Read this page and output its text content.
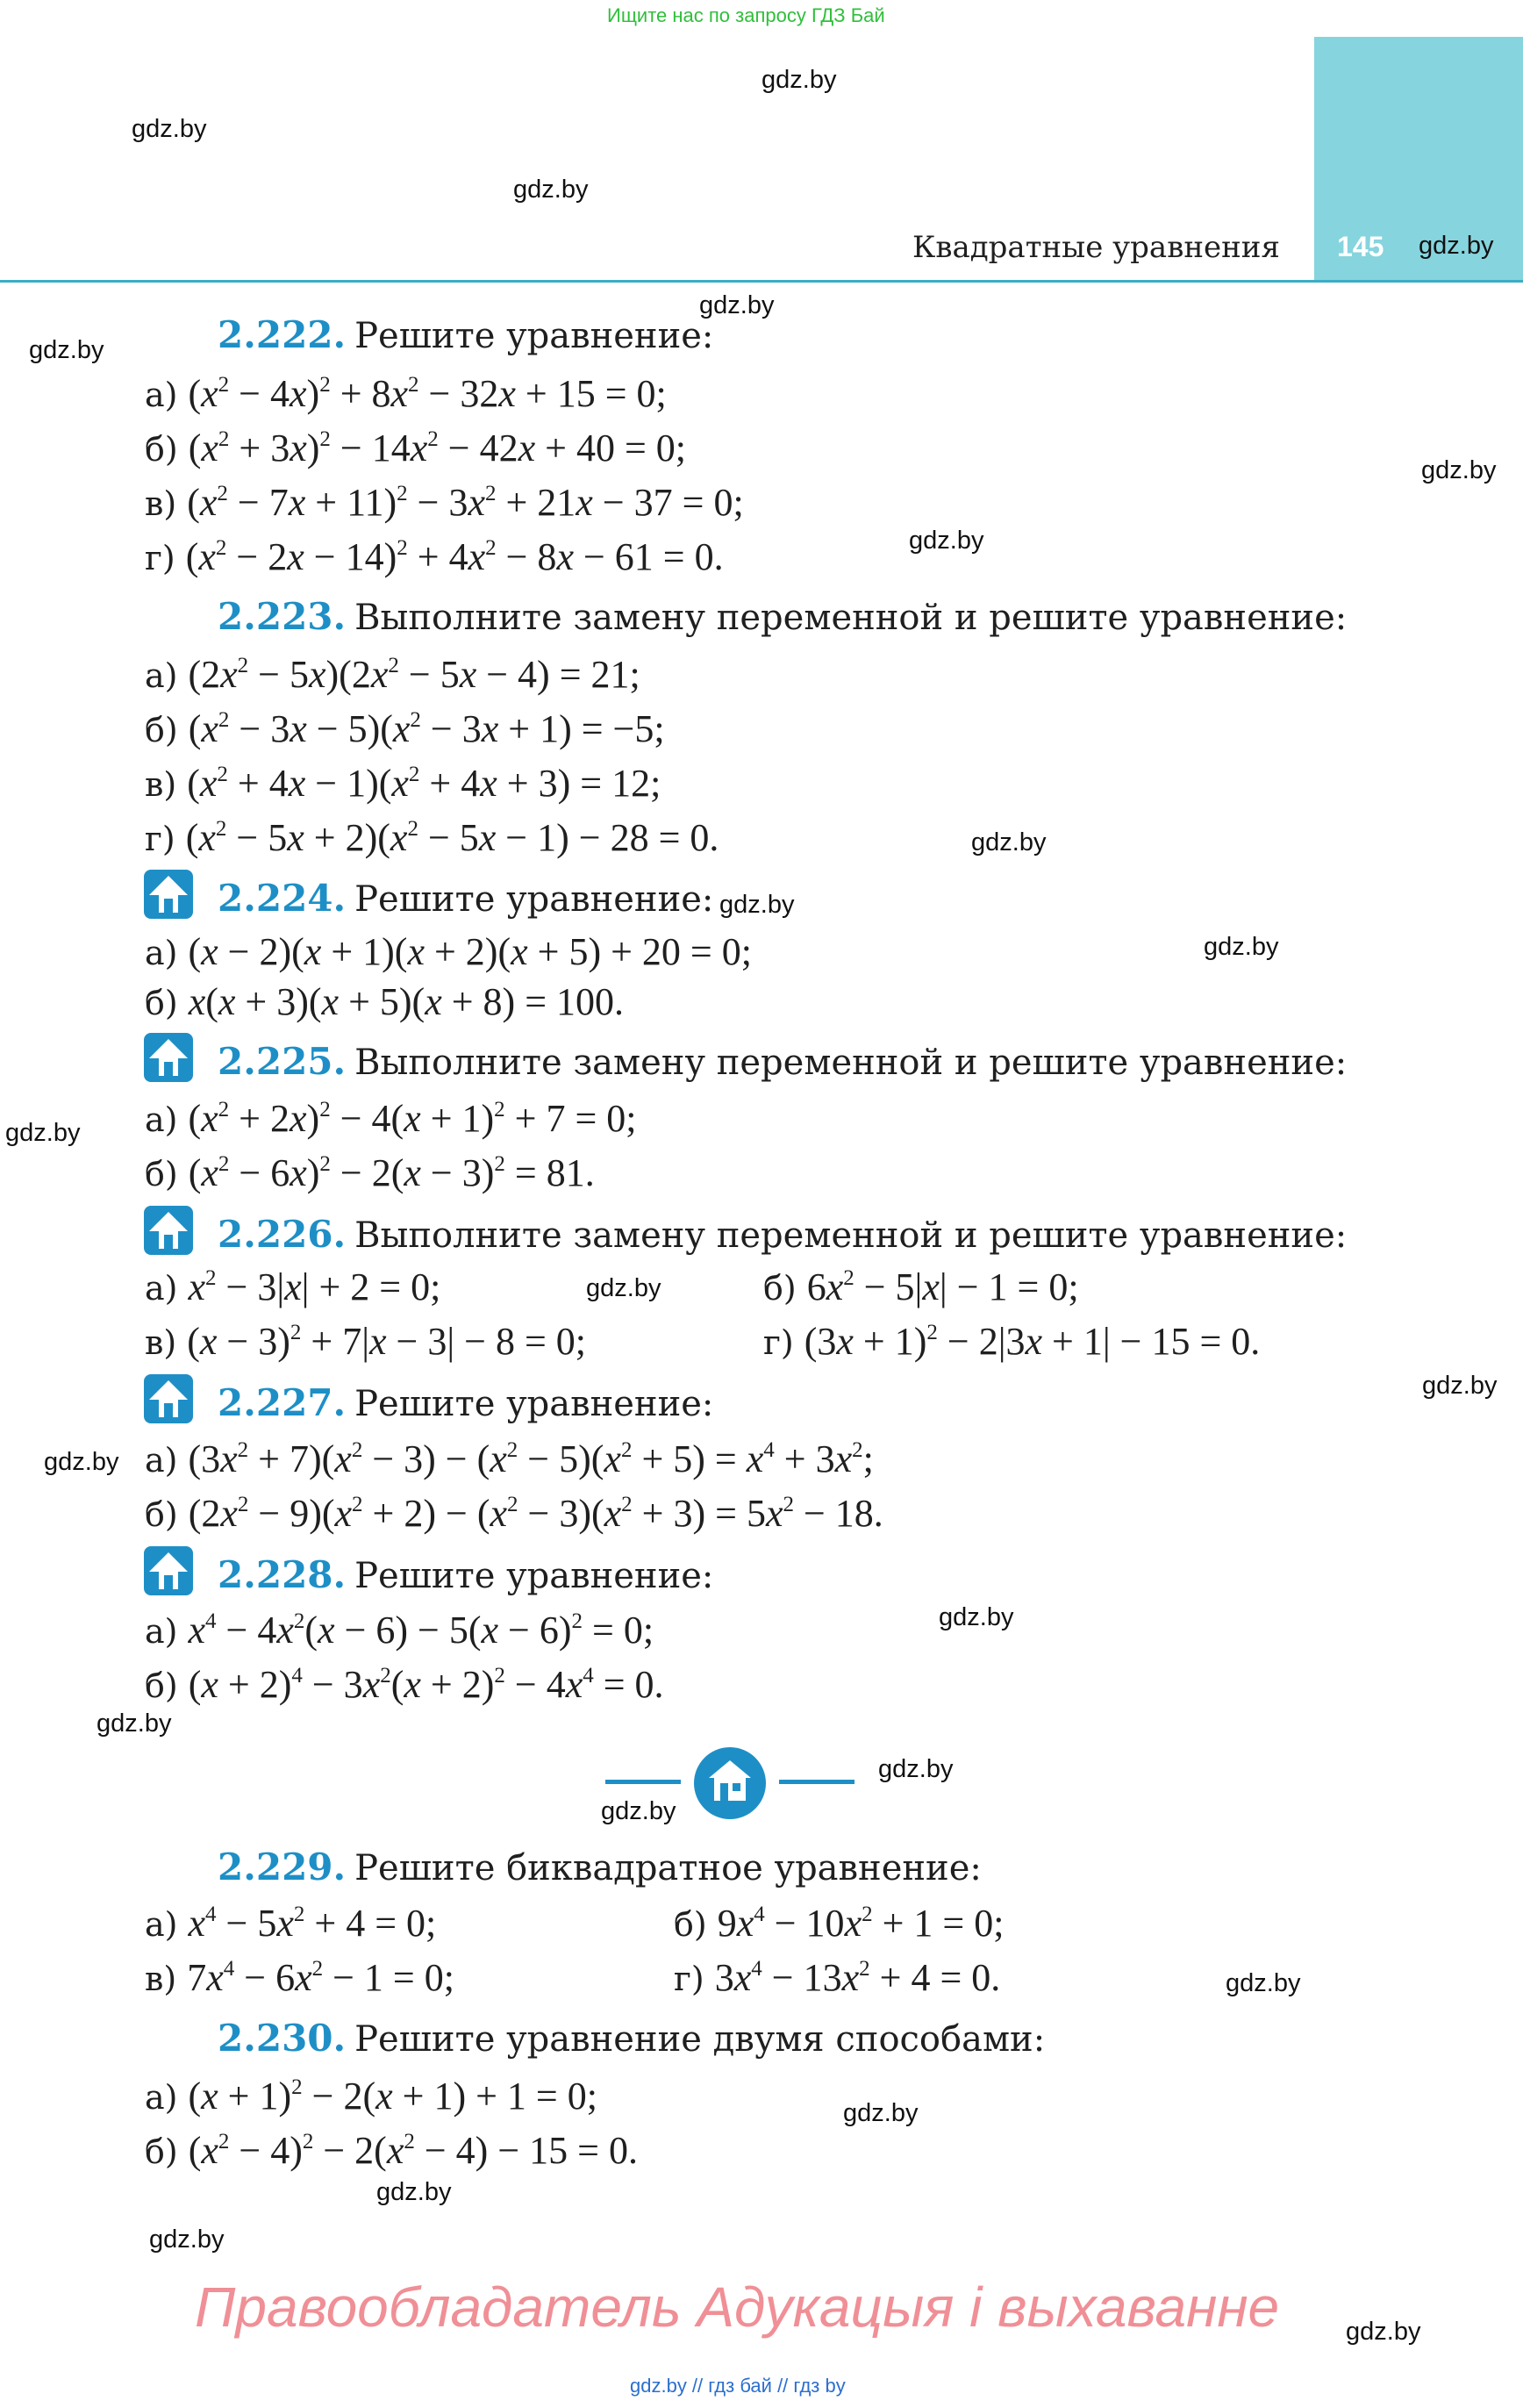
Ищите нас по запросу ГДЗ Бай
Квадратные уравнения 145
gdz.by
gdz.by
gdz.by
gdz.by
gdz.by
gdz.by
gdz.by
gdz.by
gdz.by
gdz.by
gdz.by
gdz.by
gdz.by
gdz.by
gdz.by
gdz.by
gdz.by
gdz.by
gdz.by
gdz.by
gdz.by
gdz.by
gdz.by
gdz.by
2.222. Решите уравнение:
а) $(x^2 - 4x)^2 + 8x^2 - 32x + 15 = 0$;
б) $(x^2 + 3x)^2 - 14x^2 - 42x + 40 = 0$;
в) $(x^2 - 7x + 11)^2 - 3x^2 + 21x - 37 = 0$;
г) $(x^2 - 2x - 14)^2 + 4x^2 - 8x - 61 = 0$.
2.223. Выполните замену переменной и решите уравнение:
а) $(2x^2 - 5x)(2x^2 - 5x - 4) = 21$;
б) $(x^2 - 3x - 5)(x^2 - 3x + 1) = -5$;
в) $(x^2 + 4x - 1)(x^2 + 4x + 3) = 12$;
г) $(x^2 - 5x + 2)(x^2 - 5x - 1) - 28 = 0$.
2.224. Решите уравнение:
а) (x − 2)(x + 1)(x + 2)(x + 5) + 20 = 0;
б) x(x + 3)(x + 5)(x + 8) = 100.
2.225. Выполните замену переменной и решите уравнение:
а) $(x^2 + 2x)^2 - 4(x + 1)^2 + 7 = 0$;
б) $(x^2 - 6x)^2 - 2(x - 3)^2 = 81$.
2.226. Выполните замену переменной и решите уравнение:
а) $x^2 - 3|x| + 2 = 0$;	б) $6x^2 - 5|x| - 1 = 0$;
в) $(x - 3)^2 + 7|x - 3| - 8 = 0$;	г) $(3x + 1)^2 - 2|3x + 1| - 15 = 0$.
2.227. Решите уравнение:
а) $(3x^2 + 7)(x^2 - 3) - (x^2 - 5)(x^2 + 5) = x^4 + 3x^2$;
б) $(2x^2 - 9)(x^2 + 2) - (x^2 - 3)(x^2 + 3) = 5x^2 - 18$.
2.228. Решите уравнение:
а) $x^4 - 4x^2(x - 6) - 5(x - 6)^2 = 0$;
б) $(x + 2)^4 - 3x^2(x + 2)^2 - 4x^4 = 0$.
2.229. Решите биквадратное уравнение:
а) $x^4 - 5x^2 + 4 = 0$;	б) $9x^4 - 10x^2 + 1 = 0$;
в) $7x^4 - 6x^2 - 1 = 0$;	г) $3x^4 - 13x^2 + 4 = 0$.
2.230. Решите уравнение двумя способами:
а) $(x + 1)^2 - 2(x + 1) + 1 = 0$;
б) $(x^2 - 4)^2 - 2(x^2 - 4) - 15 = 0$.
Правообладатель Адукацыя і выхаванне
gdz.by // гдз бай // гдз by
